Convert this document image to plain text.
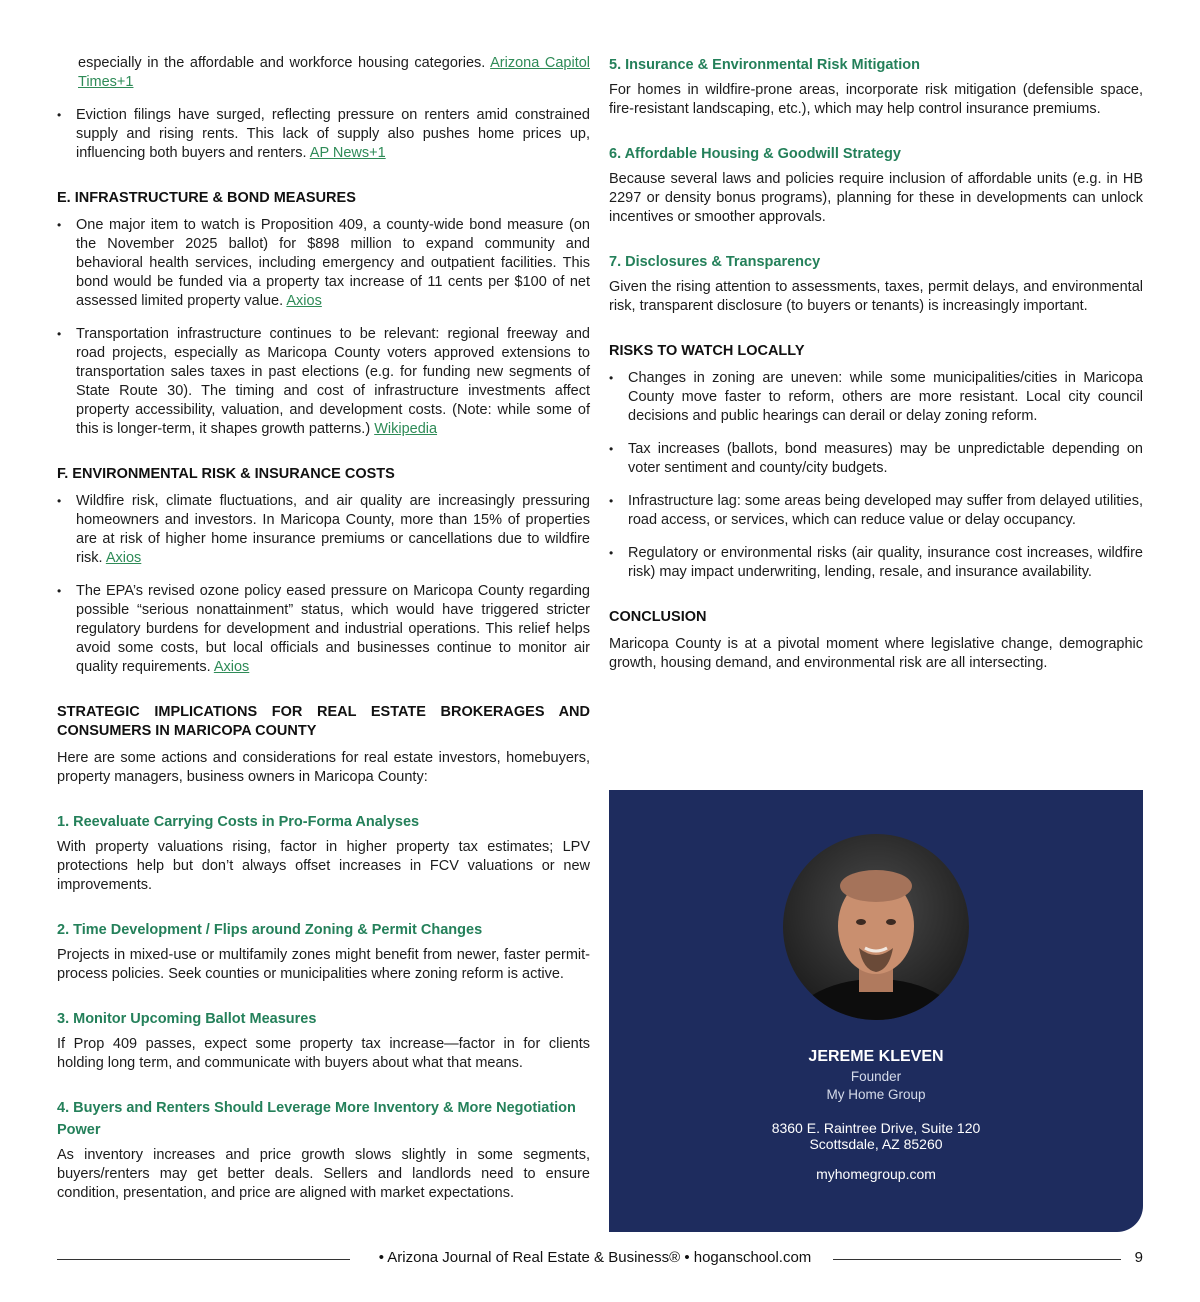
especially in the affordable and workforce housing categories. Arizona Capitol Times+1

• Eviction filings have surged, reflecting pressure on renters amid constrained supply and rising rents. This lack of supply also pushes home prices up, influencing both buyers and renters. AP News+1
E. INFRASTRUCTURE & BOND MEASURES
• One major item to watch is Proposition 409, a county-wide bond measure (on the November 2025 ballot) for $898 million to expand community and behavioral health services, including emergency and outpatient facilities. This bond would be funded via a property tax increase of 11 cents per $100 of net assessed limited property value. Axios
• Transportation infrastructure continues to be relevant: regional freeway and road projects, especially as Maricopa County voters approved extensions to transportation sales taxes in past elections (e.g. for funding new segments of State Route 30). The timing and cost of infrastructure investments affect property accessibility, valuation, and development costs. (Note: while some of this is longer-term, it shapes growth patterns.) Wikipedia
F. ENVIRONMENTAL RISK & INSURANCE COSTS
• Wildfire risk, climate fluctuations, and air quality are increasingly pressuring homeowners and investors. In Maricopa County, more than 15% of properties are at risk of higher home insurance premiums or cancellations due to wildfire risk. Axios
• The EPA’s revised ozone policy eased pressure on Maricopa County regarding possible “serious nonattainment” status, which would have triggered stricter regulatory burdens for development and industrial operations. This relief helps avoid some costs, but local officials and businesses continue to monitor air quality requirements. Axios
STRATEGIC IMPLICATIONS FOR REAL ESTATE BROKERAGES AND CONSUMERS IN MARICOPA COUNTY

Here are some actions and considerations for real estate investors, homebuyers, property managers, business owners in Maricopa County:

1. Reevaluate Carrying Costs in Pro-Forma Analyses

With property valuations rising, factor in higher property tax estimates; LPV protections help but don’t always offset increases in FCV valuations or new improvements.

2. Time Development / Flips around Zoning & Permit Changes

Projects in mixed-use or multifamily zones might benefit from newer, faster permit-process policies. Seek counties or municipalities where zoning reform is active.

3. Monitor Upcoming Ballot Measures

If Prop 409 passes, expect some property tax increase—factor in for clients holding long term, and communicate with buyers about what that means.

4. Buyers and Renters Should Leverage More Inventory & More Negotiation Power

As inventory increases and price growth slows slightly in some segments, buyers/renters may get better deals. Sellers and landlords need to ensure condition, presentation, and price are aligned with market expectations.

5. Insurance & Environmental Risk Mitigation

For homes in wildfire-prone areas, incorporate risk mitigation (defensible space, fire-resistant landscaping, etc.), which may help control insurance premiums.

6. Affordable Housing & Goodwill Strategy

Because several laws and policies require inclusion of affordable units (e.g. in HB 2297 or density bonus programs), planning for these in developments can unlock incentives or smoother approvals.

7. Disclosures & Transparency

Given the rising attention to assessments, taxes, permit delays, and environmental risk, transparent disclosure (to buyers or tenants) is increasingly important.

RISKS TO WATCH LOCALLY
• Changes in zoning are uneven: while some municipalities/cities in Maricopa County move faster to reform, others are more resistant. Local city council decisions and public hearings can derail or delay zoning reform.
• Tax increases (ballots, bond measures) may be unpredictable depending on voter sentiment and county/city budgets.
• Infrastructure lag: some areas being developed may suffer from delayed utilities, road access, or services, which can reduce value or delay occupancy.
• Regulatory or environmental risks (air quality, insurance cost increases, wildfire risk) may impact underwriting, lending, resale, and insurance availability.
CONCLUSION

Maricopa County is at a pivotal moment where legislative change, demographic growth, housing demand, and environmental risk are all intersecting.

JEREME KLEVEN
Founder
My Home Group
8360 E. Raintree Drive, Suite 120
Scottsdale, AZ 85260
myhomegroup.com
• Arizona Journal of Real Estate & Business® • hoganschool.com	9
